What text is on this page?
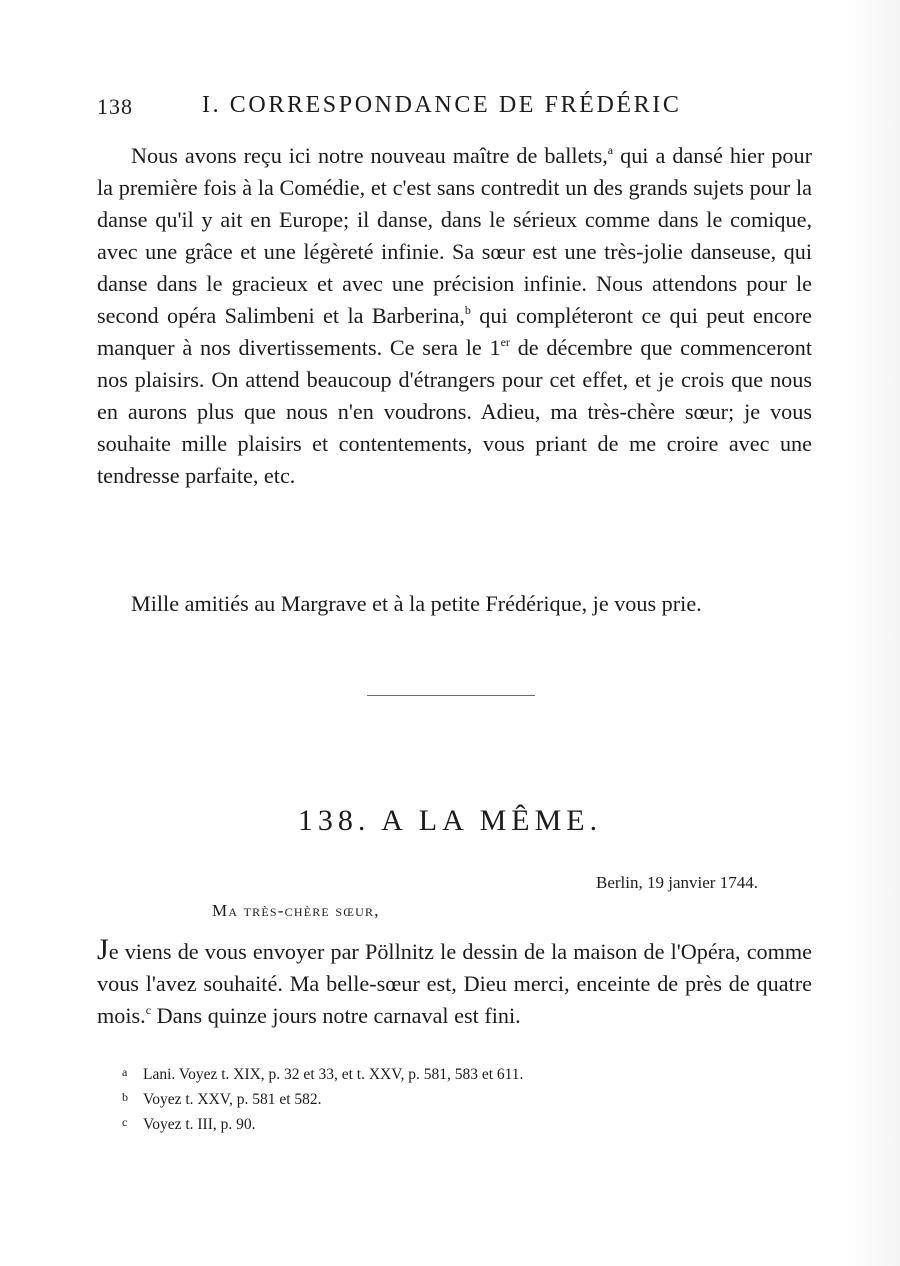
138	I. CORRESPONDANCE DE FRÉDÉRIC

Nous avons reçu ici notre nouveau maître de ballets,$^a$ qui a dansé hier pour la première fois à la Comédie, et c'est sans contredit un des grands sujets pour la danse qu'il y ait en Europe; il danse, dans le sérieux comme dans le comique, avec une grâce et une légèreté infinie. Sa sœur est une très-jolie danseuse, qui danse dans le gracieux et avec une précision infinie. Nous attendons pour le second opéra Salimbeni et la Barberina,$^b$ qui compléteront ce qui peut encore manquer à nos divertissements. Ce sera le 1er de décembre que commenceront nos plaisirs. On attend beaucoup d'étrangers pour cet effet, et je crois que nous en aurons plus que nous n'en voudrons. Adieu, ma très-chère sœur; je vous souhaite mille plaisirs et contentements, vous priant de me croire avec une tendresse parfaite, etc.

Mille amitiés au Margrave et à la petite Frédérique, je vous prie.

138. A LA MÊME.
Berlin, 19 janvier 1744.
Ma très-chère sœur,
Je viens de vous envoyer par Pöllnitz le dessin de la maison de l'Opéra, comme vous l'avez souhaité. Ma belle-sœur est, Dieu merci, enceinte de près de quatre mois.$^c$ Dans quinze jours notre carnaval est fini.
a Lani. Voyez t. XIX, p. 32 et 33, et t. XXV, p. 581, 583 et 611.
b Voyez t. XXV, p. 581 et 582.
c Voyez t. III, p. 90.
